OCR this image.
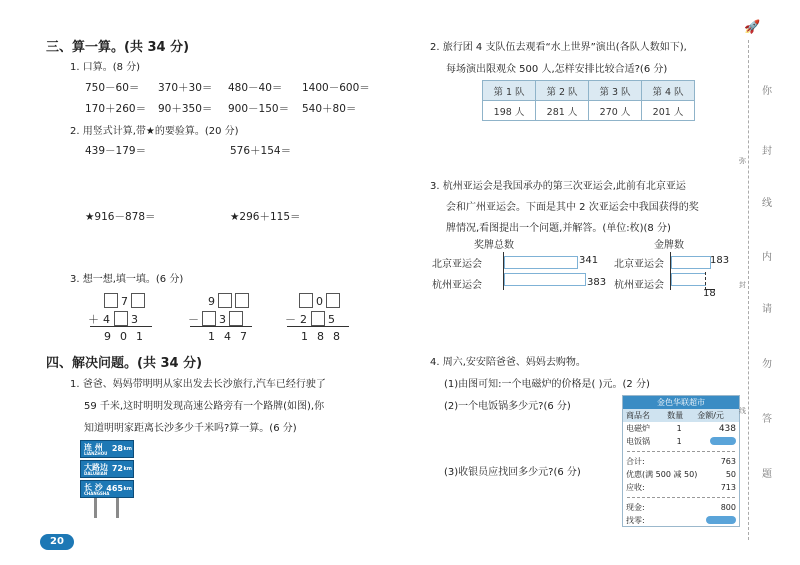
三、算一算。(共 34 分)
1. 口算。(8 分)
750－60＝ 370＋30＝ 480－40＝ 1400－600＝
170＋260＝ 90＋350＝ 900－150＝ 540＋80＝
2. 用竖式计算,带★的要验算。(20 分)
439－179＝	576＋154＝
★916－878＝	★296＋115＝
3. 想一想,填一填。(6 分)
7
＋ 4 3
901
9
－ 3
147
0
－ 2 5
188
四、解决问题。(共 34 分)
1. 爸爸、妈妈带明明从家出发去长沙旅行,汽车已经行驶了
59 千米,这时明明发现高速公路旁有一个路牌(如图),你
知道明明家距离长沙多少千米吗?算一算。(6 分)
连 州
LIANZHOU
28 km
大路边
DALUBIAN
72 km
长 沙
CHANGSHA
465 km
20
2. 旅行团 4 支队伍去观看“水上世界”演出(各队人数如下),
每场演出限观众 500 人,怎样安排比较合适?(6 分)
第 1 队	第 2 队	第 3 队	第 4 队
198 人	281 人	270 人	201 人
3. 杭州亚运会是我国承办的第三次亚运会,此前有北京亚运
会和广州亚运会。下面是其中 2 次亚运会中我国获得的奖
牌情况,看图提出一个问题,并解答。(单位:枚)(8 分)
奖牌总数
北京亚运会	341
杭州亚运会	383
金牌数
北京亚运会	183
杭州亚运会
18
4. 周六,安安陪爸爸、妈妈去购物。
(1)由图可知:一个电磁炉的价格是( )元。(2 分)
(2)一个电饭锅多少元?(6 分)
(3)收银员应找回多少元?(6 分)
金色华联超市
商品名	数量	金额/元
电磁炉	1	438
电饭锅	1	
合计:	763
优惠(满 500 减 50)	50
应收:	713
现金:	800
找零:	
🚀
你
封
线
内
请
勿
答
题
弥
封
线
